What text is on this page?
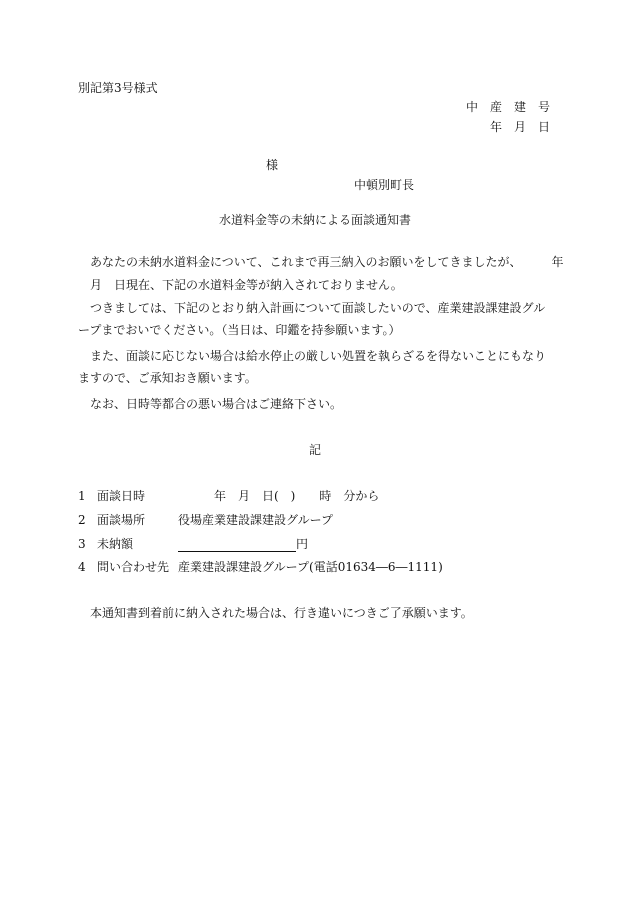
別記第3号様式
中　産　建　号
年　月　日
様
中頓別町長
水道料金等の未納による面談通知書
　あなたの未納水道料金について、これまで再三納入のお願いをしてきましたが、　　　年
月　日現在、下記の水道料金等が納入されておりません。
　つきましては、下記のとおり納入計画について面談したいので、産業建設課建設グループまでおいでください。（当日は、印鑑を持参願います。）
　また、面談に応じない場合は給水停止の厳しい処置を執らざるを得ないことにもなりますので、ご承知おき願います。
　なお、日時等都合の悪い場合はご連絡下さい。
記
1 面談日時	年　月　日(　)　　時　分から
2 面談場所	役場産業建設課建設グループ
3 未納額	円
4 問い合わせ先 産業建設課建設グループ(電話01634―6―1111)
　本通知書到着前に納入された場合は、行き違いにつきご了承願います。
